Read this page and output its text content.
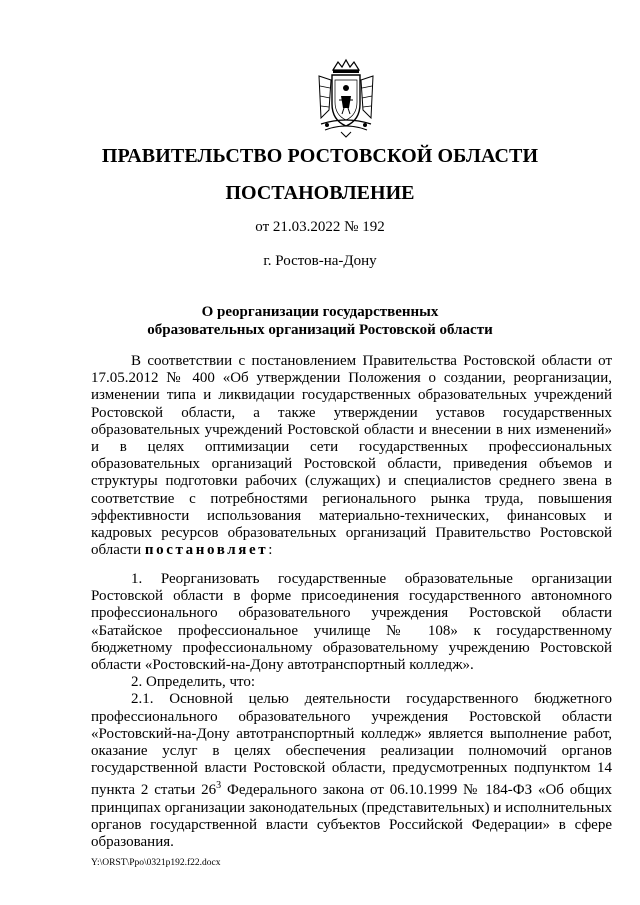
ПРАВИТЕЛЬСТВО РОСТОВСКОЙ ОБЛАСТИ
ПОСТАНОВЛЕНИЕ
от 21.03.2022 № 192
г. Ростов-на-Дону
О реорганизации государственных
образовательных организаций Ростовской области

В соответствии с постановлением Правительства Ростовской области от 17.05.2012 № 400 «Об утверждении Положения о создании, реорганизации, изменении типа и ликвидации государственных образовательных учреждений Ростовской области, а также утверждении уставов государственных образовательных учреждений Ростовской области и внесении в них изменений» и в целях оптимизации сети государственных профессиональных образовательных организаций Ростовской области, приведения объемов и структуры подготовки рабочих (служащих) и специалистов среднего звена в соответствие с потребностями регионального рынка труда, повышения эффективности использования материально-технических, финансовых и кадровых ресурсов образовательных организаций Правительство Ростовской области постановляет:

1. Реорганизовать государственные образовательные организации Ростовской области в форме присоединения государственного автономного профессионального образовательного учреждения Ростовской области «Батайское профессиональное училище № 108» к государственному бюджетному профессиональному образовательному учреждению Ростовской области «Ростовский-на-Дону автотранспортный колледж».

2. Определить, что:

2.1. Основной целью деятельности государственного бюджетного профессионального образовательного учреждения Ростовской области «Ростовский-на-Дону автотранспортный колледж» является выполнение работ, оказание услуг в целях обеспечения реализации полномочий органов государственной власти Ростовской области, предусмотренных подпунктом 14 пункта 2 статьи $26^3$ Федерального закона от 06.10.1999 № 184-ФЗ «Об общих принципах организации законодательных (представительных) и исполнительных органов государственной власти субъектов Российской Федерации» в сфере образования.

Y:\ORST\Ppo\0321p192.f22.docx
